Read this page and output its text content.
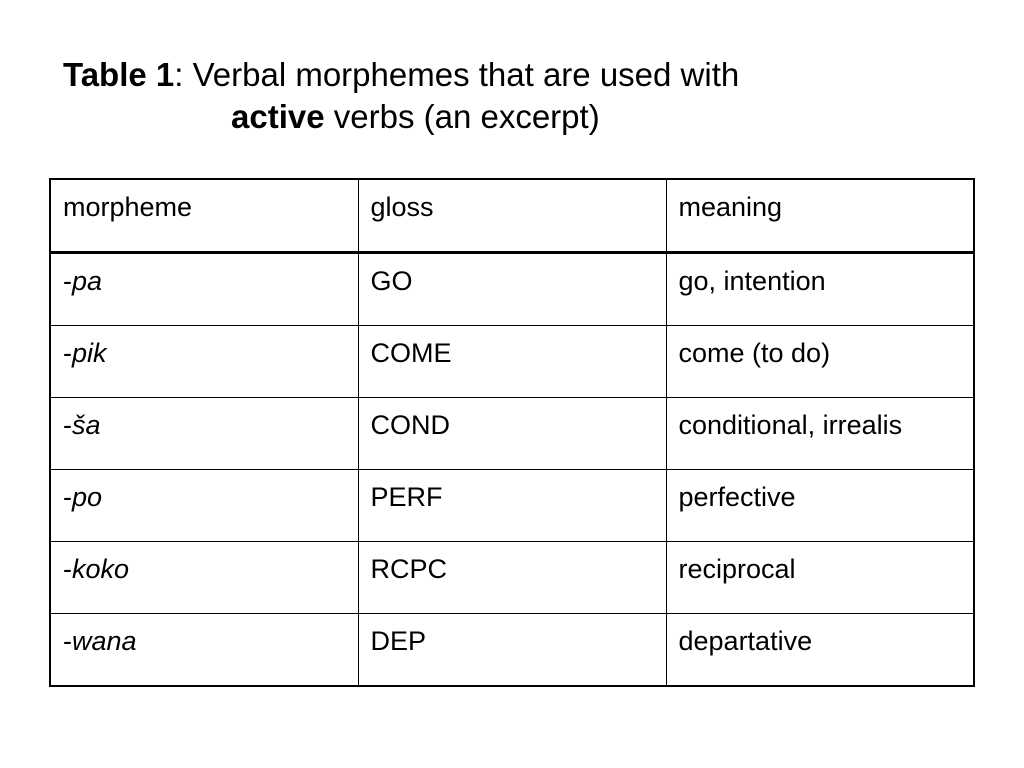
Table 1: Verbal morphemes that are used with
active verbs (an excerpt)
morpheme	gloss	meaning
-pa	GO	go, intention
-pik	COME	come (to do)
-ša	COND	conditional, irrealis
-po	PERF	perfective
-koko	RCPC	reciprocal
-wana	DEP	departative
